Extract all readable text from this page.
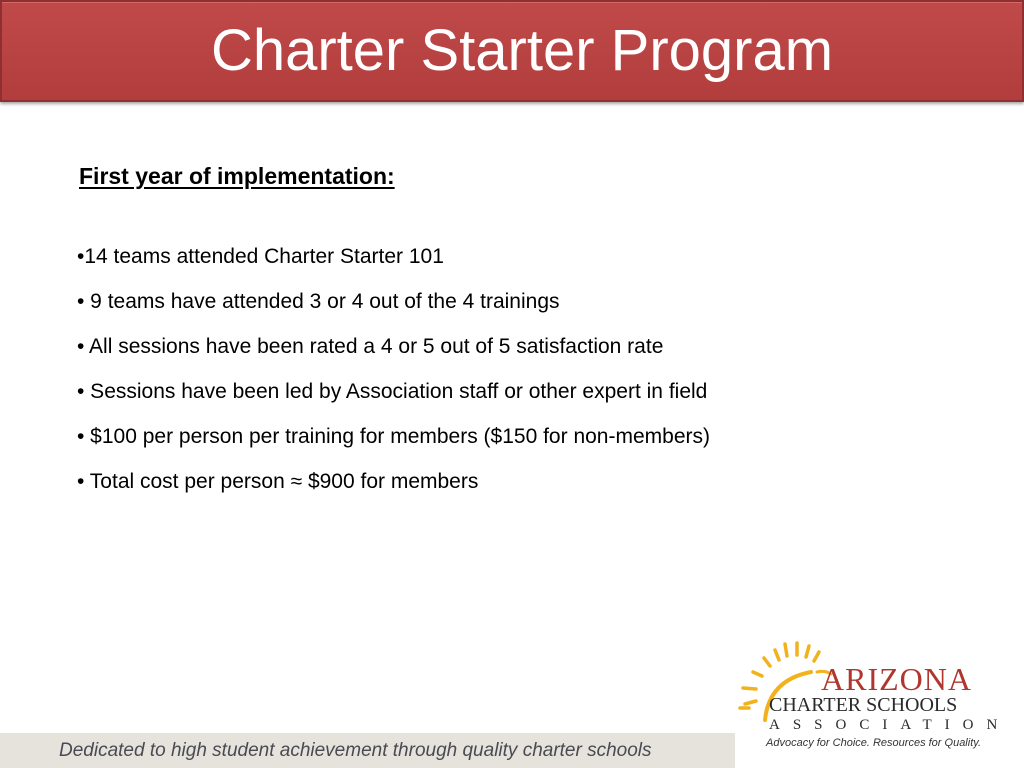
Charter Starter Program

First year of implementation:

•14 teams attended Charter Starter 101
• 9 teams have attended 3 or 4 out of the 4 trainings
• All sessions have been rated a 4 or 5 out of 5 satisfaction rate
• Sessions have been led by Association staff or other expert in field
• $100 per person per training for members ($150 for non-members)
• Total cost per person ≈ $900 for members
Dedicated to high student achievement through quality charter schools
ARIZONA
CHARTER SCHOOLS
ASSOCIATION
Advocacy for Choice. Resources for Quality.
